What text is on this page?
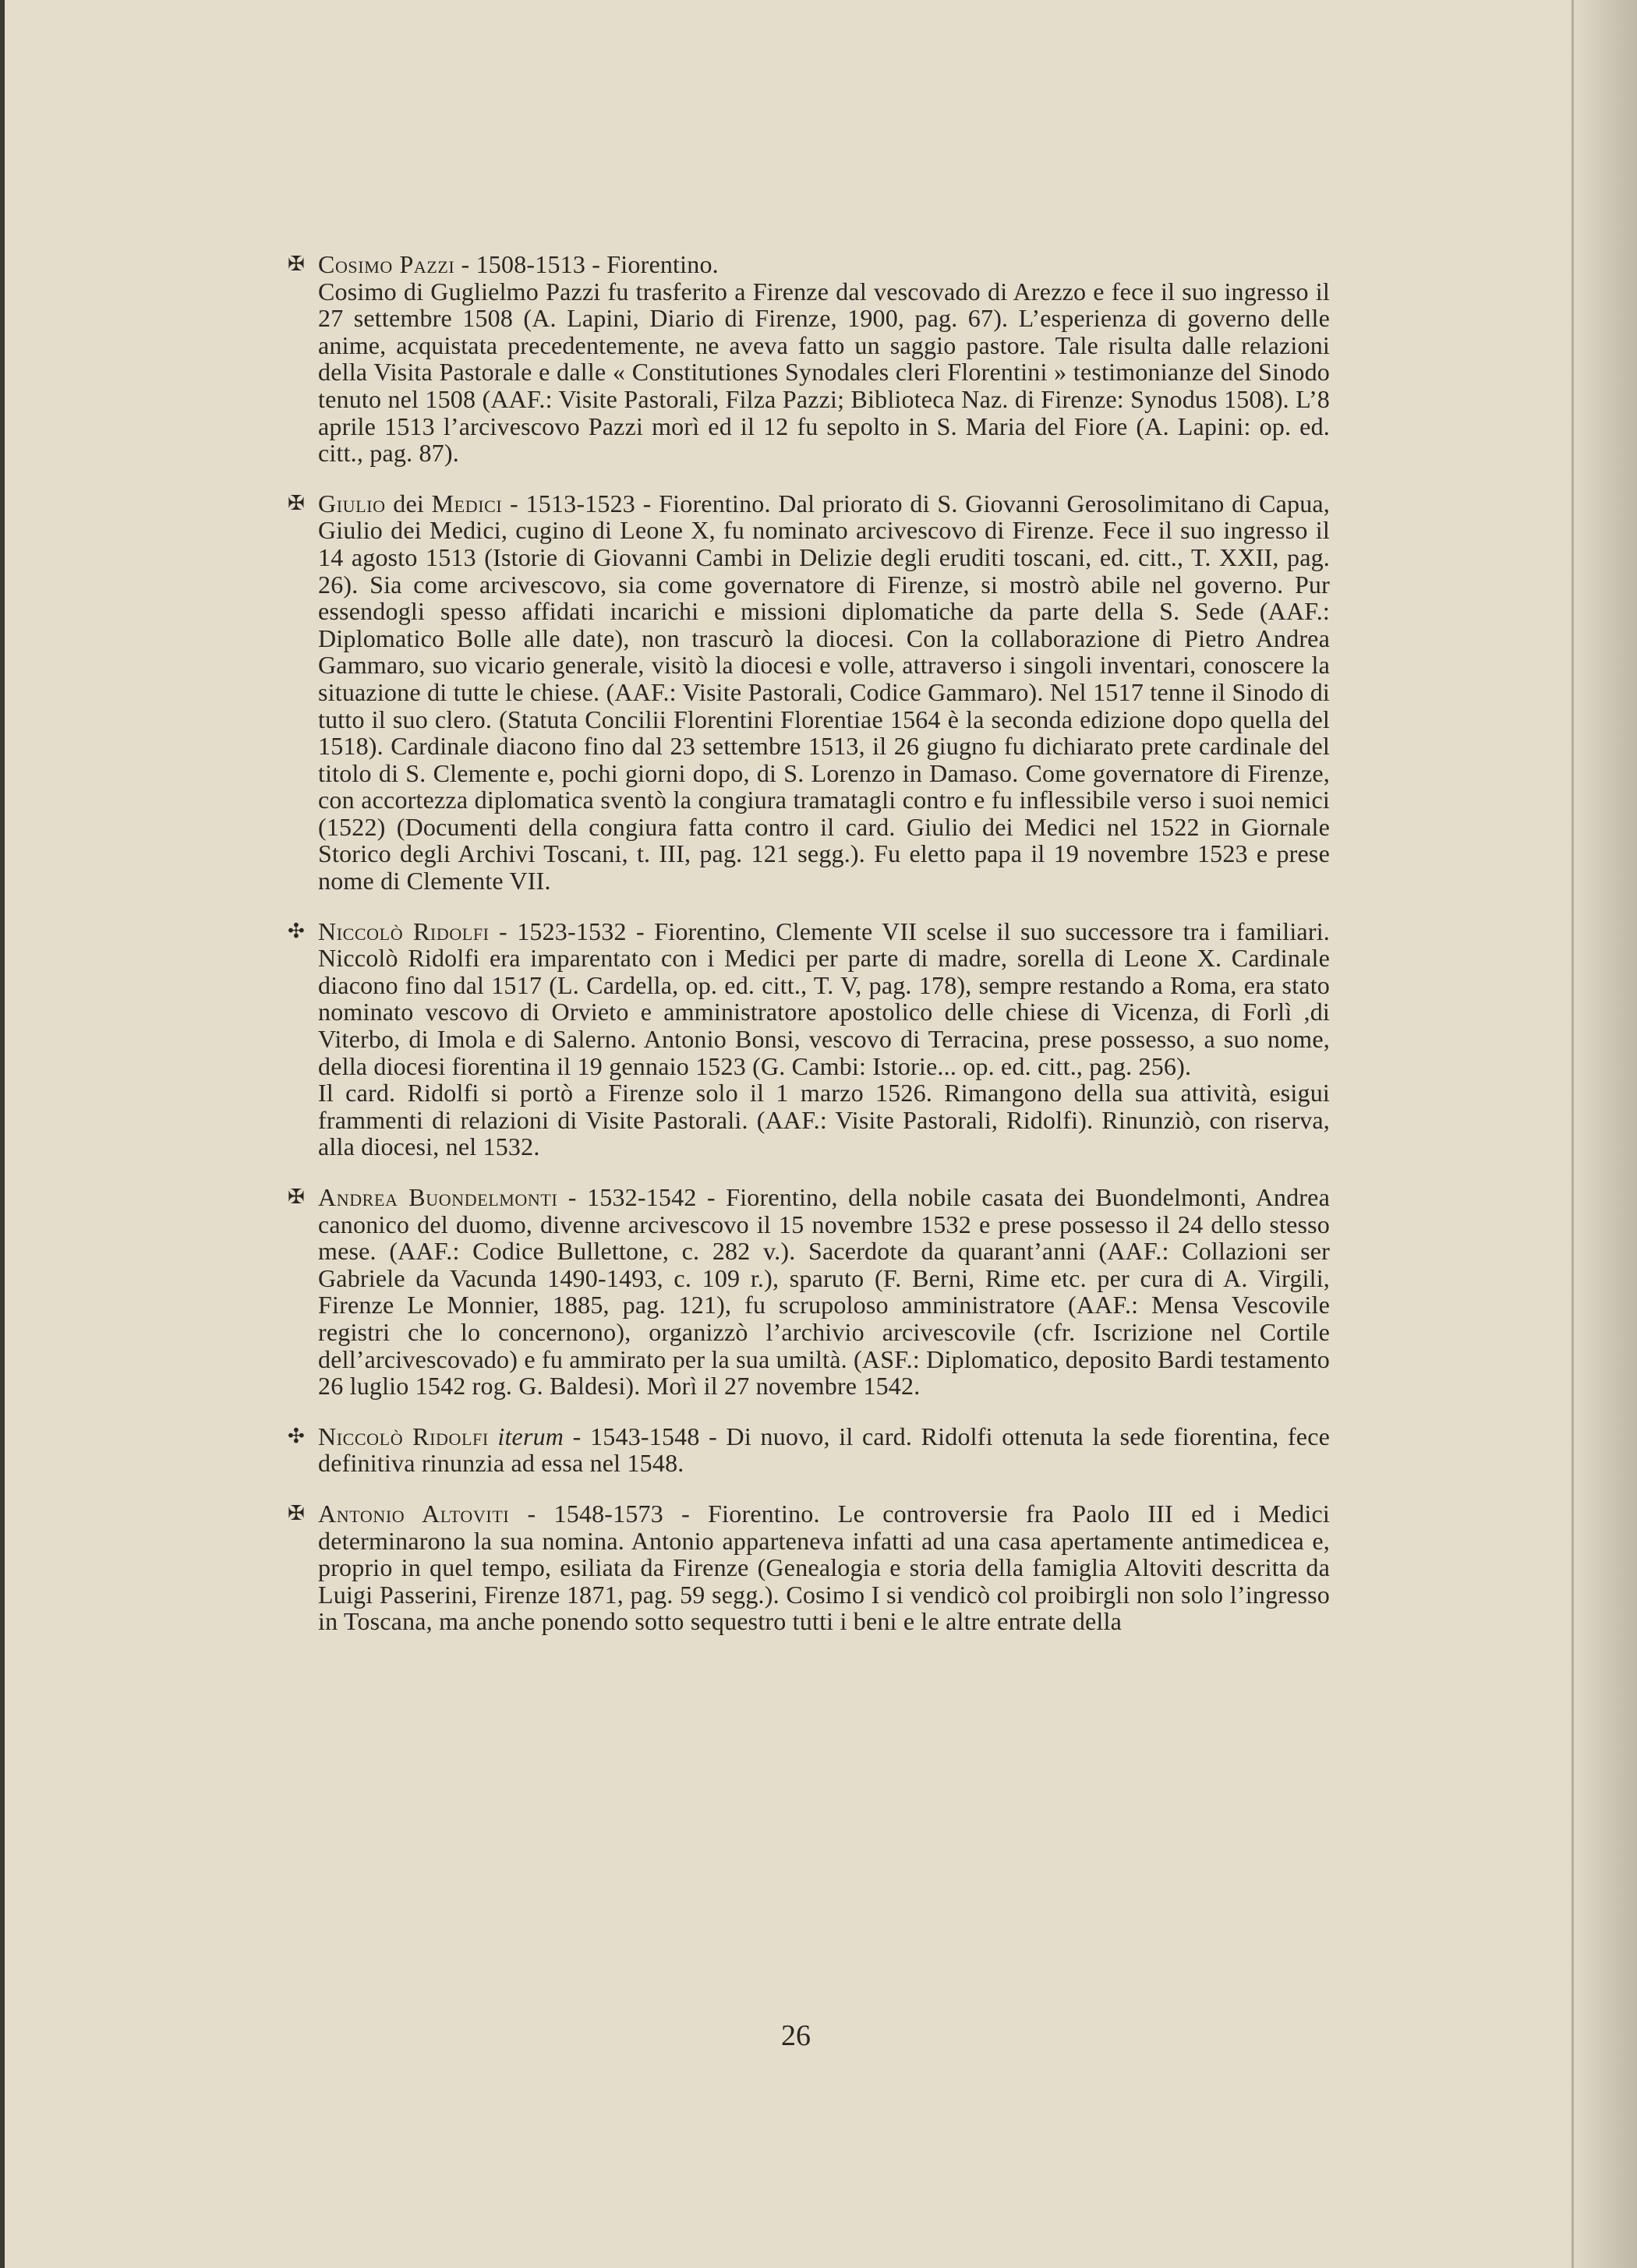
✠ Cosimo Pazzi - 1508-1513 - Fiorentino.
Cosimo di Guglielmo Pazzi fu trasferito a Firenze dal vescovado di Arezzo e fece il suo ingresso il 27 settembre 1508 (A. Lapini, Diario di Firenze, 1900, pag. 67). L’esperienza di governo delle anime, acquistata precedentemente, ne aveva fatto un saggio pastore. Tale risulta dalle relazioni della Visita Pastorale e dalle « Constitutiones Synodales cleri Florentini » testimonianze del Sinodo tenuto nel 1508 (AAF.: Visite Pastorali, Filza Pazzi; Biblioteca Naz. di Firenze: Synodus 1508). L’8 aprile 1513 l’arcivescovo Pazzi morì ed il 12 fu sepolto in S. Maria del Fiore (A. Lapini: op. ed. citt., pag. 87).
✠ Giulio dei Medici - 1513-1523 - Fiorentino. Dal priorato di S. Giovanni Gerosolimitano di Capua, Giulio dei Medici, cugino di Leone X, fu nominato arcivescovo di Firenze. Fece il suo ingresso il 14 agosto 1513 (Istorie di Giovanni Cambi in Delizie degli eruditi toscani, ed. citt., T. XXII, pag. 26). Sia come arcivescovo, sia come governatore di Firenze, si mostrò abile nel governo. Pur essendogli spesso affidati incarichi e missioni diplomatiche da parte della S. Sede (AAF.: Diplomatico Bolle alle date), non trascurò la diocesi. Con la collaborazione di Pietro Andrea Gammaro, suo vicario generale, visitò la diocesi e volle, attraverso i singoli inventari, conoscere la situazione di tutte le chiese. (AAF.: Visite Pastorali, Codice Gammaro). Nel 1517 tenne il Sinodo di tutto il suo clero. (Statuta Concilii Florentini Florentiae 1564 è la seconda edizione dopo quella del 1518). Cardinale diacono fino dal 23 settembre 1513, il 26 giugno fu dichiarato prete cardinale del titolo di S. Clemente e, pochi giorni dopo, di S. Lorenzo in Damaso. Come governatore di Firenze, con accortezza diplomatica sventò la congiura tramatagli contro e fu inflessibile verso i suoi nemici (1522) (Documenti della congiura fatta contro il card. Giulio dei Medici nel 1522 in Giornale Storico degli Archivi Toscani, t. III, pag. 121 segg.). Fu eletto papa il 19 novembre 1523 e prese nome di Clemente VII.
✣ Niccolò Ridolfi - 1523-1532 - Fiorentino, Clemente VII scelse il suo successore tra i familiari. Niccolò Ridolfi era imparentato con i Medici per parte di madre, sorella di Leone X. Cardinale diacono fino dal 1517 (L. Cardella, op. ed. citt., T. V, pag. 178), sempre restando a Roma, era stato nominato vescovo di Orvieto e amministratore apostolico delle chiese di Vicenza, di Forlì ,di Viterbo, di Imola e di Salerno. Antonio Bonsi, vescovo di Terracina, prese possesso, a suo nome, della diocesi fiorentina il 19 gennaio 1523 (G. Cambi: Istorie... op. ed. citt., pag. 256).
Il card. Ridolfi si portò a Firenze solo il 1 marzo 1526. Rimangono della sua attività, esigui frammenti di relazioni di Visite Pastorali. (AAF.: Visite Pastorali, Ridolfi). Rinunziò, con riserva, alla diocesi, nel 1532.
✠ Andrea Buondelmonti - 1532-1542 - Fiorentino, della nobile casata dei Buondelmonti, Andrea canonico del duomo, divenne arcivescovo il 15 novembre 1532 e prese possesso il 24 dello stesso mese. (AAF.: Codice Bullettone, c. 282 v.). Sacerdote da quarant’anni (AAF.: Collazioni ser Gabriele da Vacunda 1490-1493, c. 109 r.), sparuto (F. Berni, Rime etc. per cura di A. Virgili, Firenze Le Monnier, 1885, pag. 121), fu scrupoloso amministratore (AAF.: Mensa Vescovile registri che lo concernono), organizzò l’archivio arcivescovile (cfr. Iscrizione nel Cortile dell’arcivescovado) e fu ammirato per la sua umiltà. (ASF.: Diplomatico, deposito Bardi testamento 26 luglio 1542 rog. G. Baldesi). Morì il 27 novembre 1542.
✣ Niccolò Ridolfi iterum - 1543-1548 - Di nuovo, il card. Ridolfi ottenuta la sede fiorentina, fece definitiva rinunzia ad essa nel 1548.
✠ Antonio Altoviti - 1548-1573 - Fiorentino. Le controversie fra Paolo III ed i Medici determinarono la sua nomina. Antonio apparteneva infatti ad una casa apertamente antimedicea e, proprio in quel tempo, esiliata da Firenze (Genealogia e storia della famiglia Altoviti descritta da Luigi Passerini, Firenze 1871, pag. 59 segg.). Cosimo I si vendicò col proibirgli non solo l’ingresso in Toscana, ma anche ponendo sotto sequestro tutti i beni e le altre entrate della
26
